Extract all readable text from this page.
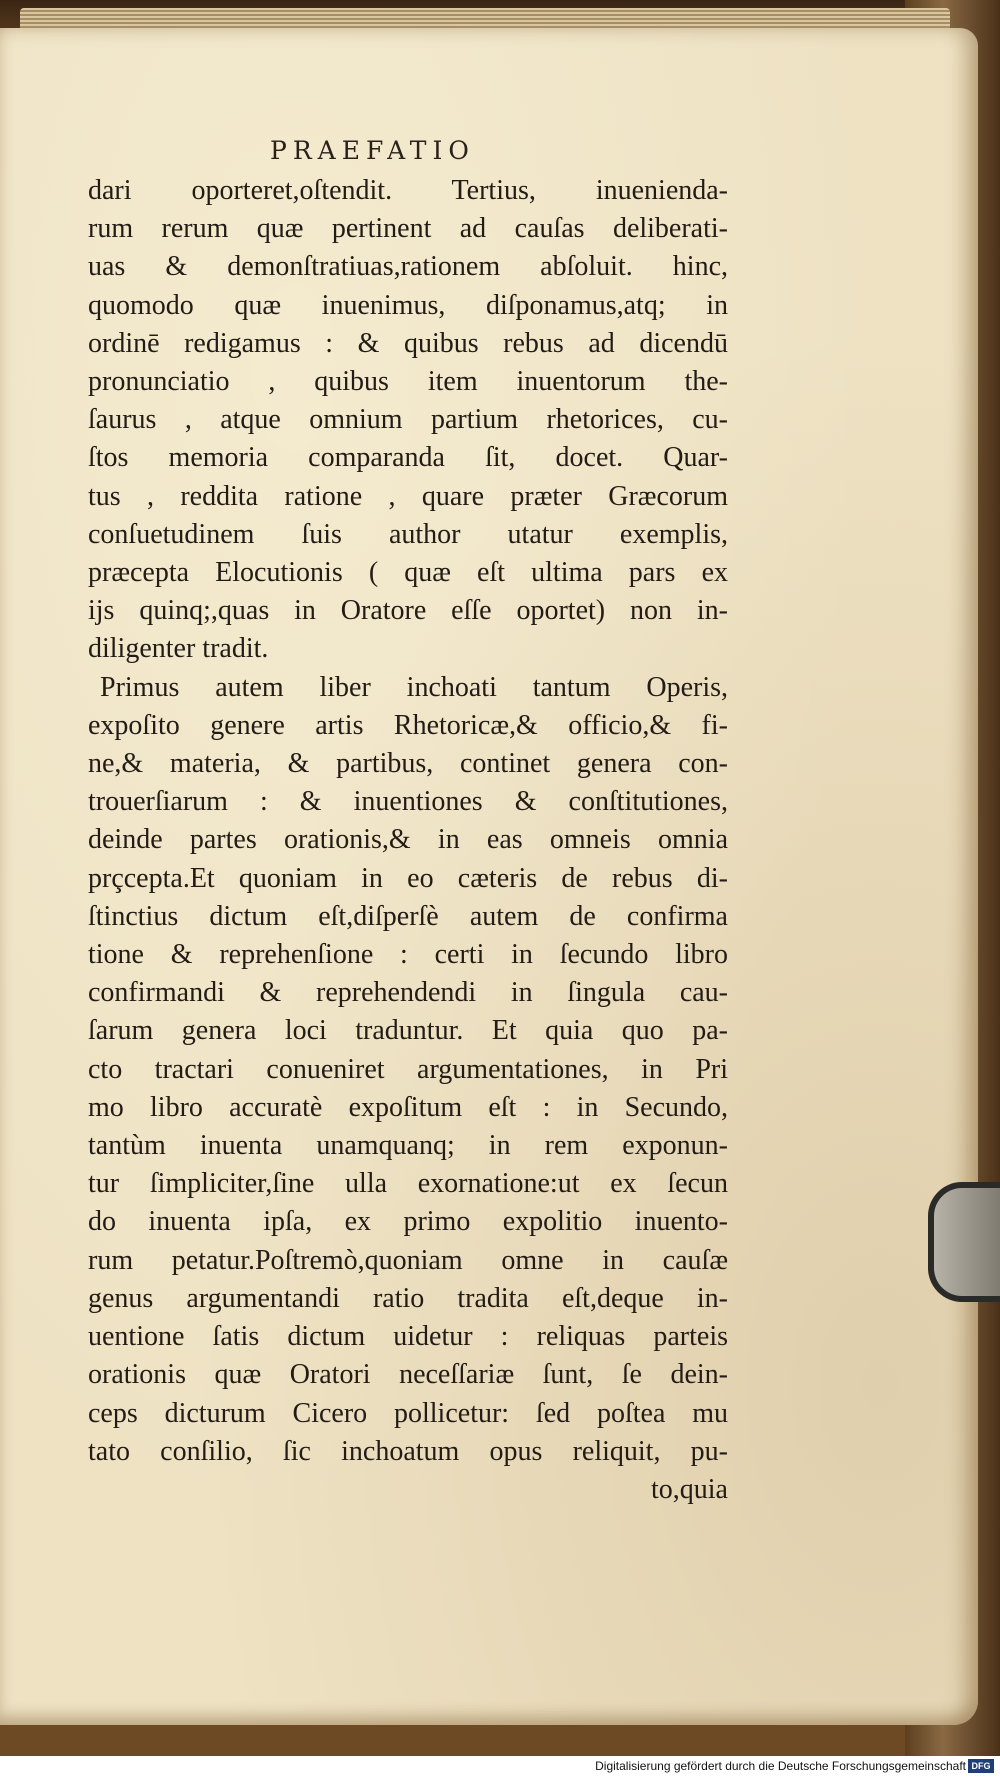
PRAEFATIO
dari oporteret,oſtendit. Tertius, inuenienda-
rum rerum quæ pertinent ad cauſas deliberati-
uas & demonſtratiuas,rationem abſoluit. hinc,
quomodo quæ inuenimus, diſponamus,atq; in
ordinē redigamus : & quibus rebus ad dicendū
pronunciatio , quibus item inuentorum the-
ſaurus , atque omnium partium rhetorices, cu-
ſtos memoria comparanda ſit, docet. Quar-
tus , reddita ratione , quare præter Græcorum
conſuetudinem ſuis author utatur exemplis,
præcepta Elocutionis ( quæ eſt ultima pars ex
ijs quinq;,quas in Oratore eſſe oportet) non in-
diligenter tradit.
Primus autem liber inchoati tantum Operis,
expoſito genere artis Rhetoricæ,& officio,& fi-
ne,& materia, & partibus, continet genera con-
trouerſiarum : & inuentiones & conſtitutiones,
deinde partes orationis,& in eas omneis omnia
prçcepta.Et quoniam in eo cæteris de rebus di-
ſtinctius dictum eſt,diſperſè autem de confirma
tione & reprehenſione : certi in ſecundo libro
confirmandi & reprehendendi in ſingula cau-
ſarum genera loci traduntur. Et quia quo pa-
cto tractari conueniret argumentationes, in Pri
mo libro accuratè expoſitum eſt : in Secundo,
tantùm inuenta unamquanq; in rem exponun-
tur ſimpliciter,ſine ulla exornatione:ut ex ſecun
do inuenta ipſa, ex primo expolitio inuento-
rum petatur.Poſtremò,quoniam omne in cauſæ
genus argumentandi ratio tradita eſt,deque in-
uentione ſatis dictum uidetur : reliquas parteis
orationis quæ Oratori neceſſariæ ſunt, ſe dein-
ceps dicturum Cicero pollicetur: ſed poſtea mu
tato conſilio, ſic inchoatum opus reliquit, pu-
to,quia
Digitalisierung gefördert durch die Deutsche Forschungsgemeinschaft DFG
